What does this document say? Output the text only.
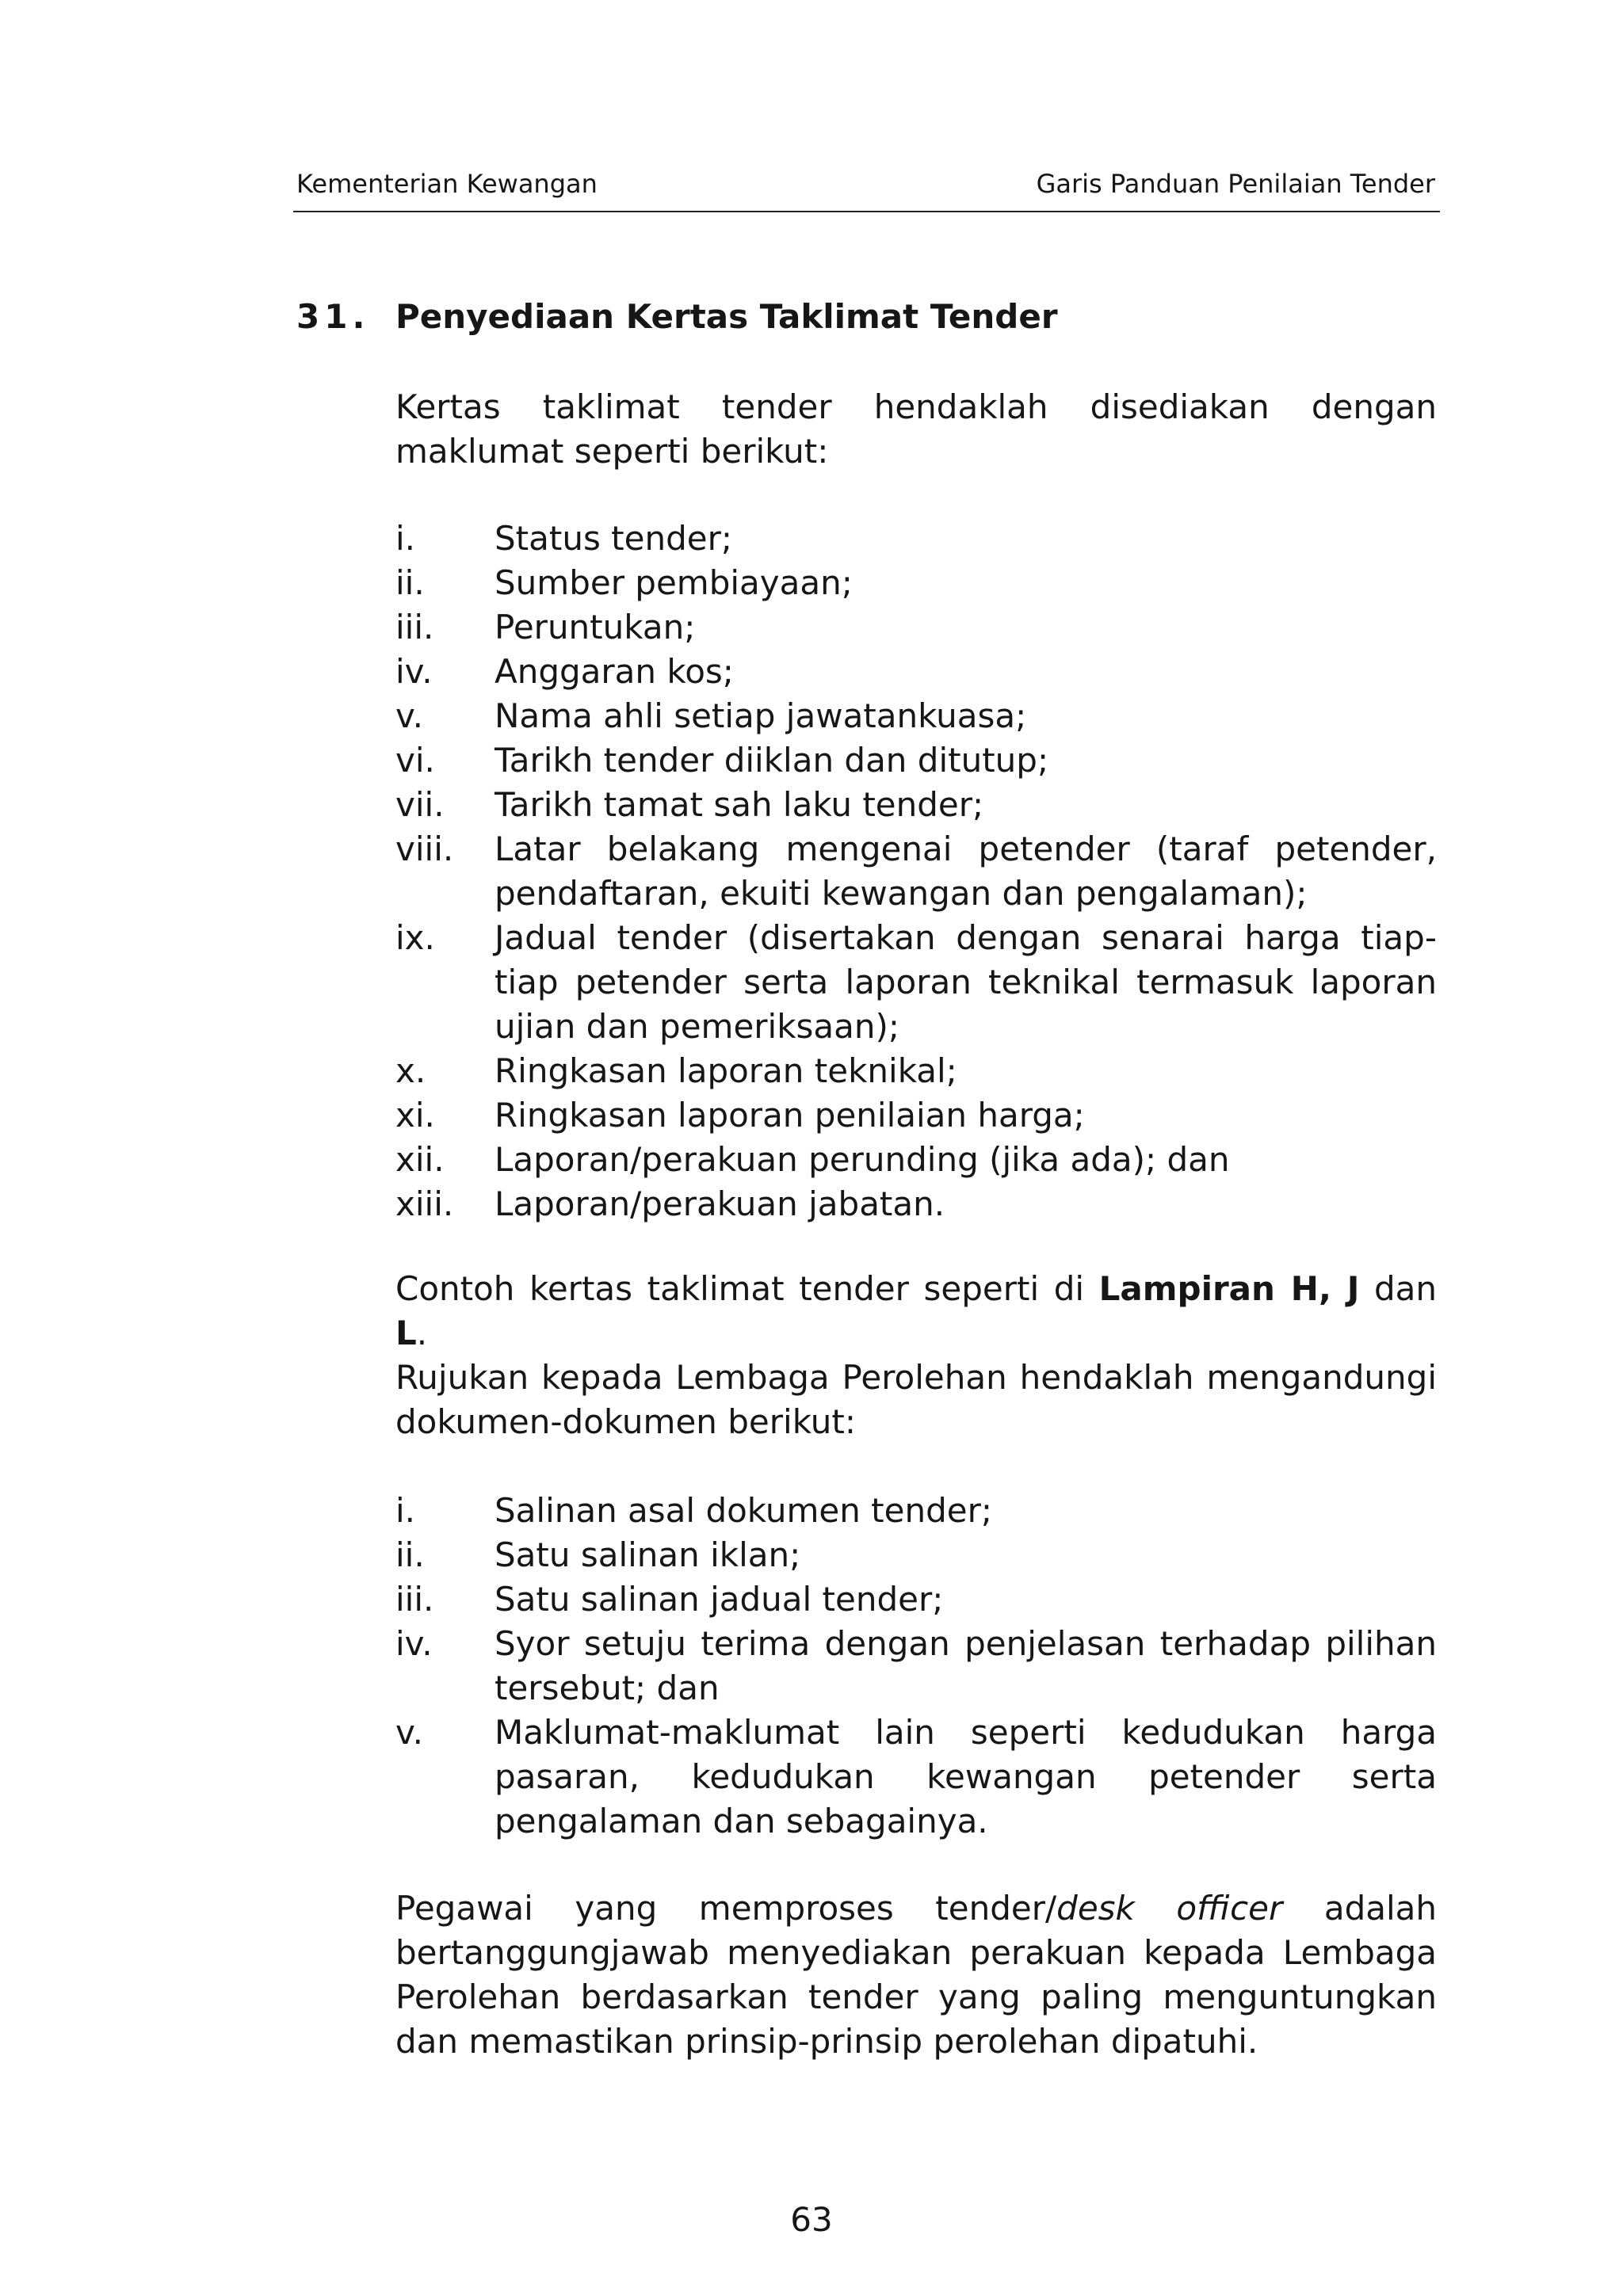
Kementerian Kewangan	Garis Panduan Penilaian Tender
31. Penyediaan Kertas Taklimat Tender
Kertas taklimat tender hendaklah disediakan dengan maklumat seperti berikut:
i. Status tender;
ii. Sumber pembiayaan;
iii. Peruntukan;
iv. Anggaran kos;
v. Nama ahli setiap jawatankuasa;
vi. Tarikh tender diiklan dan ditutup;
vii. Tarikh tamat sah laku tender;
viii. Latar belakang mengenai petender (taraf petender, pendaftaran, ekuiti kewangan dan pengalaman);
ix. Jadual tender (disertakan dengan senarai harga tiap-tiap petender serta laporan teknikal termasuk laporan ujian dan pemeriksaan);
x. Ringkasan laporan teknikal;
xi. Ringkasan laporan penilaian harga;
xii. Laporan/perakuan perunding (jika ada); dan
xiii. Laporan/perakuan jabatan.
Contoh kertas taklimat tender seperti di Lampiran H, J dan L.
Rujukan kepada Lembaga Perolehan hendaklah mengandungi dokumen-dokumen berikut:
i. Salinan asal dokumen tender;
ii. Satu salinan iklan;
iii. Satu salinan jadual tender;
iv. Syor setuju terima dengan penjelasan terhadap pilihan tersebut; dan
v. Maklumat-maklumat lain seperti kedudukan harga pasaran, kedudukan kewangan petender serta pengalaman dan sebagainya.
Pegawai yang memproses tender/desk officer adalah bertanggungjawab menyediakan perakuan kepada Lembaga Perolehan berdasarkan tender yang paling menguntungkan dan memastikan prinsip-prinsip perolehan dipatuhi.
63
